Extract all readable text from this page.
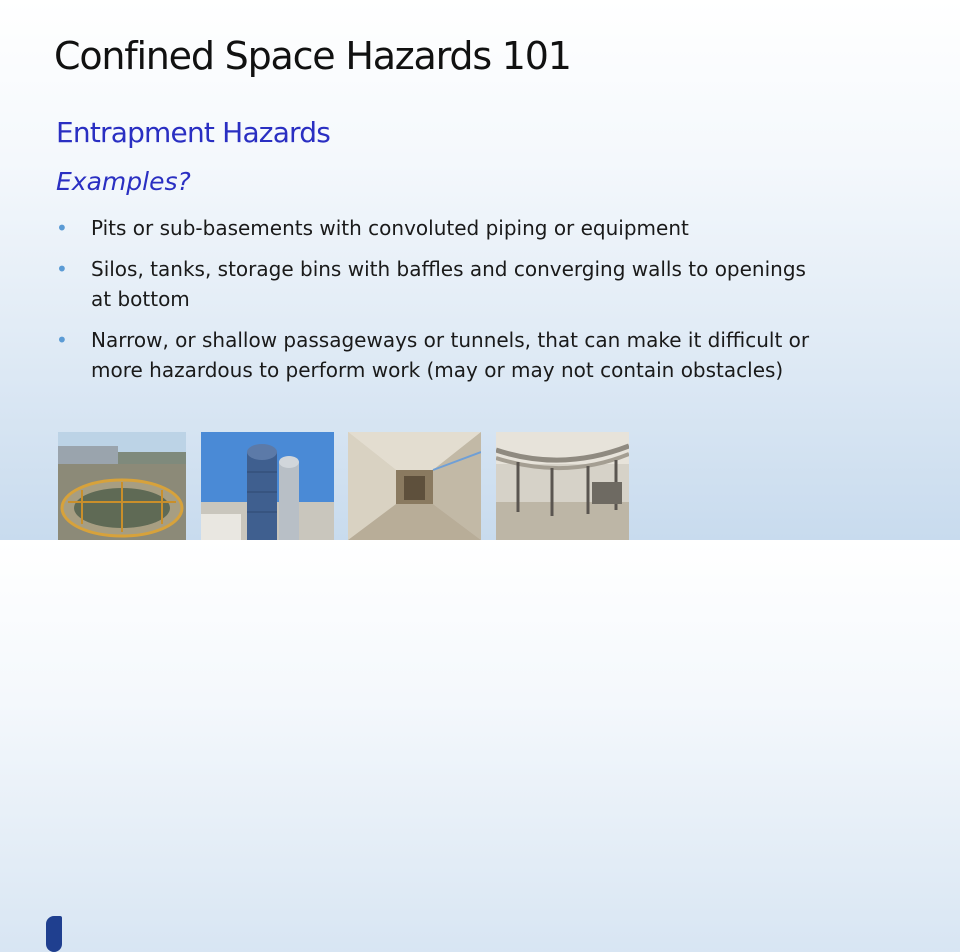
Confined Space Hazards 101
Entrapment Hazards
Examples?
• Pits or sub-basements with convoluted piping or equipment
• Silos, tanks, storage bins with baffles and converging walls to openings at bottom
• Narrow, or shallow passageways or tunnels, that can make it difficult or more hazardous to perform work (may or may not contain obstacles)
